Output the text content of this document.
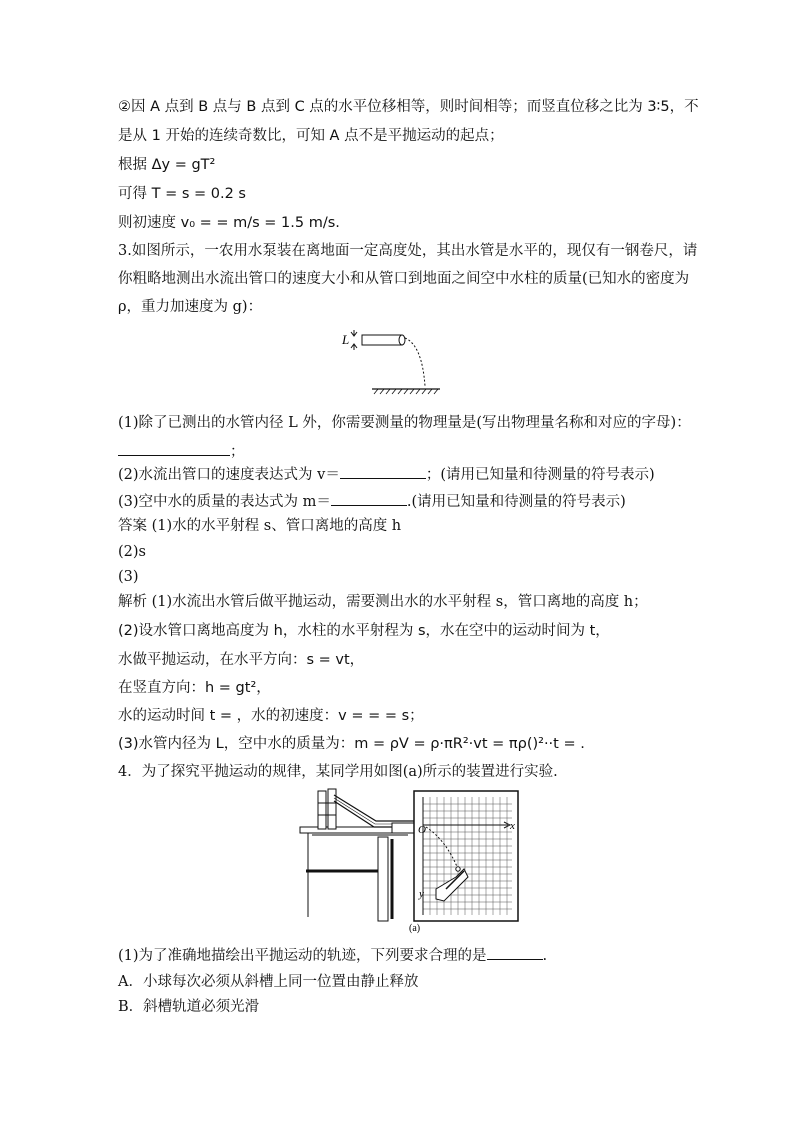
②因 A 点到 B 点与 B 点到 C 点的水平位移相等，则时间相等；而竖直位移之比为 3∶5，不
是从 1 开始的连续奇数比，可知 A 点不是平抛运动的起点；
根据 Δy = gT²
可得 T = s = 0.2 s
则初速度 v₀ = = m/s = 1.5 m/s.
3.如图所示，一农用水泵装在离地面一定高度处，其出水管是水平的，现仅有一钢卷尺，请
你粗略地测出水流出管口的速度大小和从管口到地面之间空中水柱的质量(已知水的密度为
ρ，重力加速度为 g)：
L
(1)除了已测出的水管内径 L 外，你需要测量的物理量是(写出物理量名称和对应的字母)：
；
(2)水流出管口的速度表达式为 v＝	；(请用已知量和待测量的符号表示)
(3)空中水的质量的表达式为 m＝	.(请用已知量和待测量的符号表示)
答案 (1)水的水平射程 s、管口离地的高度 h
(2)s
(3)
解析 (1)水流出水管后做平抛运动，需要测出水的水平射程 s，管口离地的高度 h；
(2)设水管口离地高度为 h，水柱的水平射程为 s，水在空中的运动时间为 t，
水做平抛运动，在水平方向：s = vt，
在竖直方向：h = gt²，
水的运动时间 t = ，水的初速度：v = = = s；
(3)水管内径为 L，空中水的质量为：m = ρV = ρ·πR²·vt = πρ()²··t = .
4．为了探究平抛运动的规律，某同学用如图(a)所示的装置进行实验.
O	x
y
(a)
(1)为了准确地描绘出平抛运动的轨迹，下列要求合理的是	.
A．小球每次必须从斜槽上同一位置由静止释放
B．斜槽轨道必须光滑
